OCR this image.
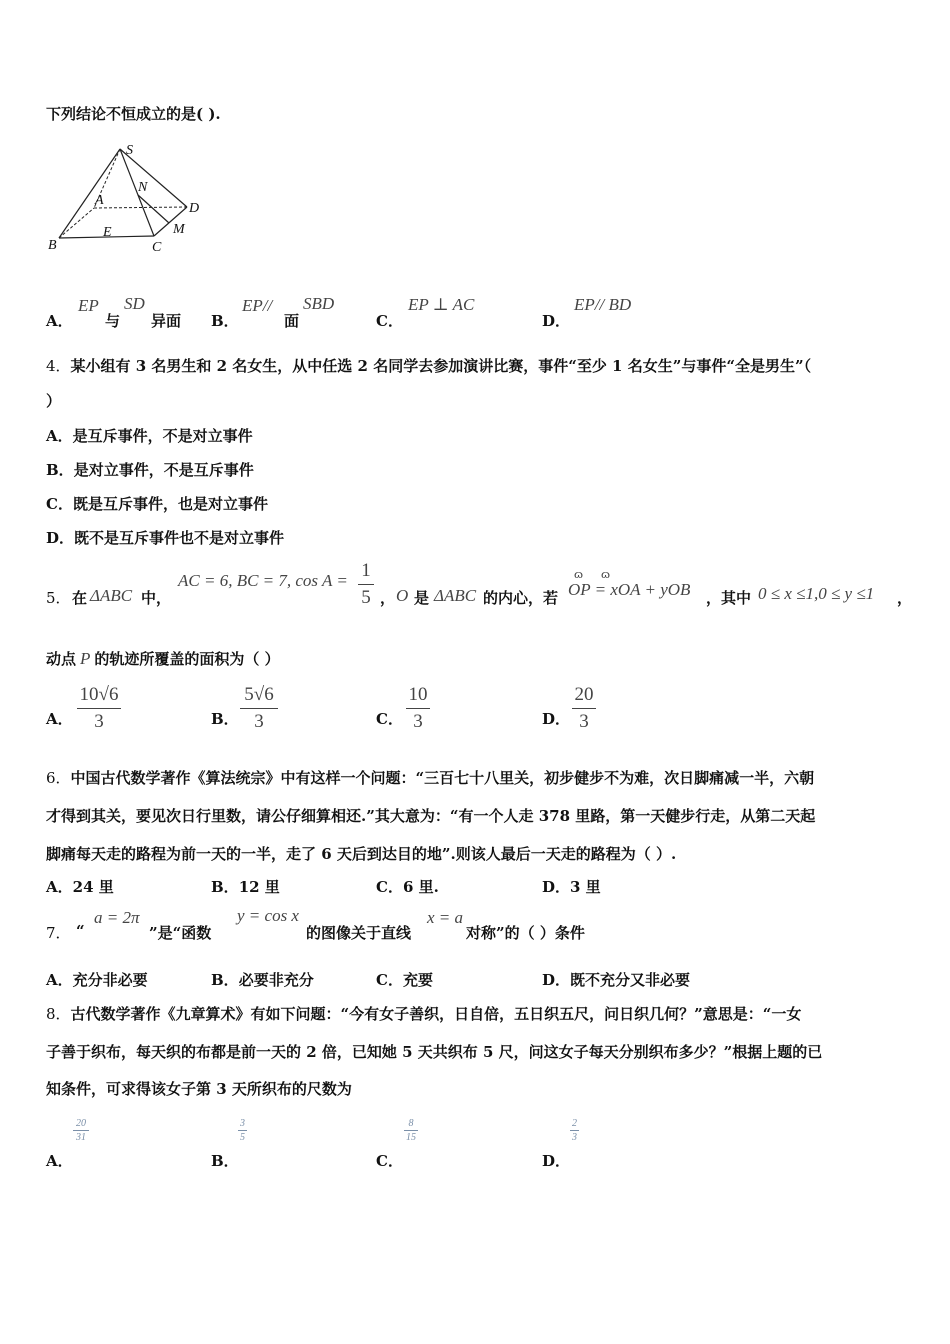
下列结论不恒成立的是( ).
S
N
A
D
E	M
B	C
A．
EP
与
SD
异面 B．
EP//
面
SBD
C．
EP ⊥ AC
D．
EP// BD
4．某小组有 3 名男生和 2 名女生，从中任选 2 名同学去参加演讲比赛，事件“至少 1 名女生”与事件“全是男生”（
）
A．是互斥事件，不是对立事件
B．是对立事件，不是互斥事件
C．既是互斥事件，也是对立事件
D．既不是互斥事件也不是对立事件
5． 在 ΔABC 中，
AC = 6, BC = 7, cos A = 1
5 ， O 是 ΔABC 的内心，若
ɷɷ
OP = xOA + yOB ，其中 0 ≤ x ≤1,0 ≤ y ≤1 ，
动点 P 的轨迹所覆盖的面积为（ ）
A．
10√6
3	B．
5√6
3	C．
10
3	D．
20
3
6．中国古代数学著作《算法统宗》中有这样一个问题：“三百七十八里关，初步健步不为难，次日脚痛减一半，六朝
才得到其关，要见次日行里数，请公仔细算相还.”其大意为：“有一个人走 378 里路，第一天健步行走，从第二天起
脚痛每天走的路程为前一天的一半，走了 6 天后到达目的地”.则该人最后一天走的路程为（ ）.
A．24 里	B．12 里	C．6 里.	D．3 里
7． “
a = 2π
”是“函数
y = cos x
的图像关于直线
x = a
对称”的（ ）条件
A．充分非必要	B．必要非充分	C．充要	D．既不充分又非必要
8．古代数学著作《九章算术》有如下问题：“今有女子善织，日自倍，五日织五尺，问日织几何？”意思是：“一女
子善于织布，每天织的布都是前一天的 2 倍，已知她 5 天共织布 5 尺，问这女子每天分别织布多少？”根据上题的已
知条件，可求得该女子第 3 天所织布的尺数为
A．
20
31
B．
3
5
C．
8
15
D．
2
3
